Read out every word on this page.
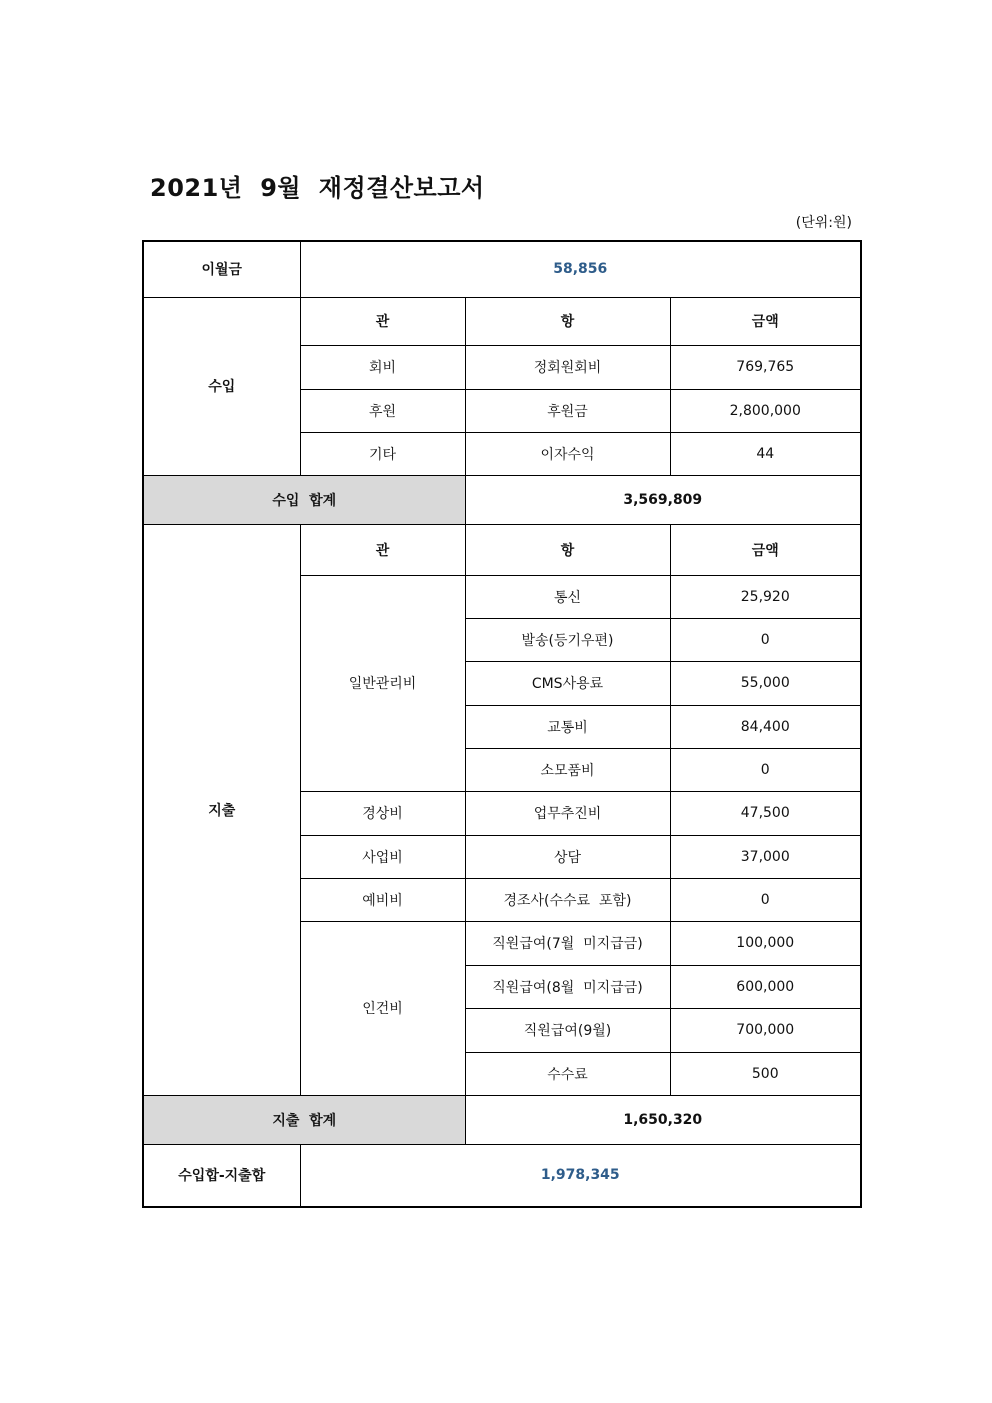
2021년  9월  재정결산보고서
(단위:원)
이월금	58,856		
수입	관	항	금액
	회비	정회원회비	769,765
	후원	후원금	2,800,000
	기타	이자수익	44
수입  합계		3,569,809	
지출	관	항	금액
	일반관리비	통신	25,920
		발송(등기우편)	0
		CMS사용료	55,000
		교통비	84,400
		소모품비	0
	경상비	업무추진비	47,500
	사업비	상담	37,000
	예비비	경조사(수수료  포함)	0
	인건비	직원급여(7월  미지급금)	100,000
		직원급여(8월  미지급금)	600,000
		직원급여(9월)	700,000
		수수료	500
지출  합계		1,650,320	
수입합-지출합	1,978,345		
